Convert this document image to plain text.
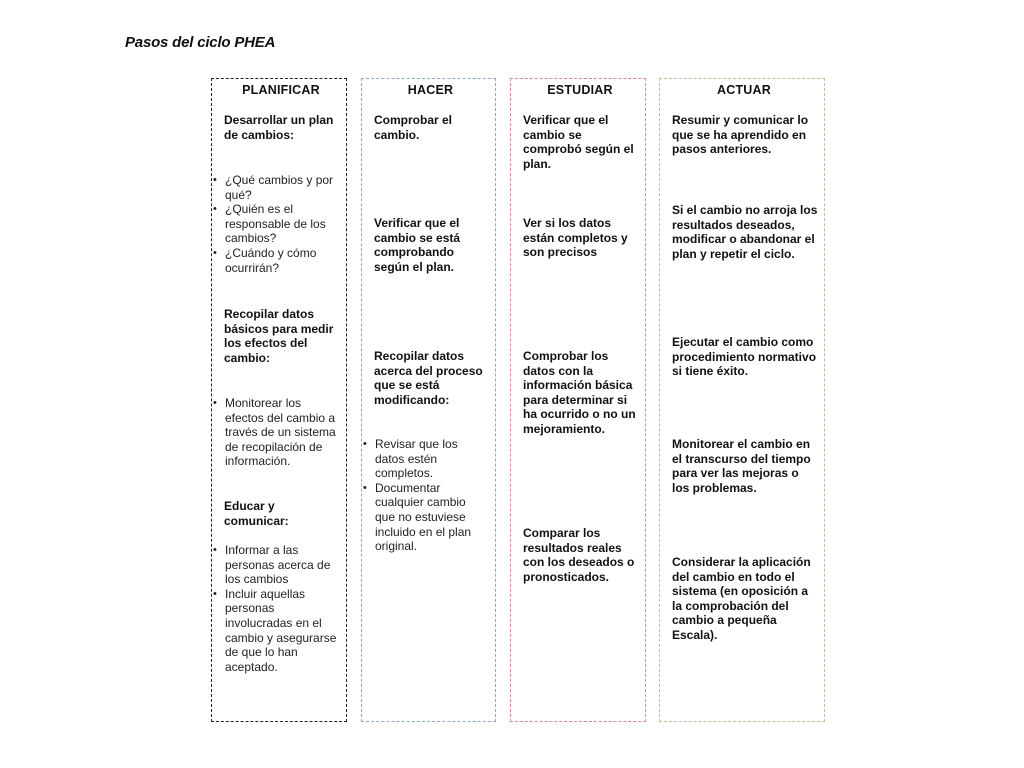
Pasos del ciclo PHEA
PLANIFICAR
Desarrollar un plan de cambios:
• ¿Qué cambios y por qué?
• ¿Quién es el responsable de los cambios?
• ¿Cuándo y cómo ocurrirán?
Recopilar datos básicos para medir los efectos del cambio:
• Monitorear los efectos del cambio a través de un sistema de recopilación de información.
Educar y comunicar:
• Informar a las personas acerca de los cambios
• Incluir aquellas personas involucradas en el cambio y asegurarse de que lo han aceptado.
HACER
Comprobar el cambio.
Verificar que el cambio se está comprobando según el plan.
Recopilar datos acerca del proceso que se está modificando:
• Revisar que los datos estén completos.
• Documentar cualquier cambio que no estuviese incluido en el plan original.
ESTUDIAR
Verificar que el cambio se comprobó según el plan.
Ver si los datos están completos y son precisos
Comprobar los datos con la información básica para determinar si ha ocurrido o no un mejoramiento.
Comparar los resultados reales con los deseados o pronosticados.
ACTUAR
Resumir y comunicar lo que se ha aprendido en pasos anteriores.
Si el cambio no arroja los resultados deseados, modificar o abandonar el plan y repetir el ciclo.
Ejecutar el cambio como procedimiento normativo si tiene éxito.
Monitorear el cambio en el transcurso del tiempo para ver las mejoras o los problemas.
Considerar la aplicación del cambio en todo el sistema (en oposición a la comprobación del cambio a pequeña Escala).
